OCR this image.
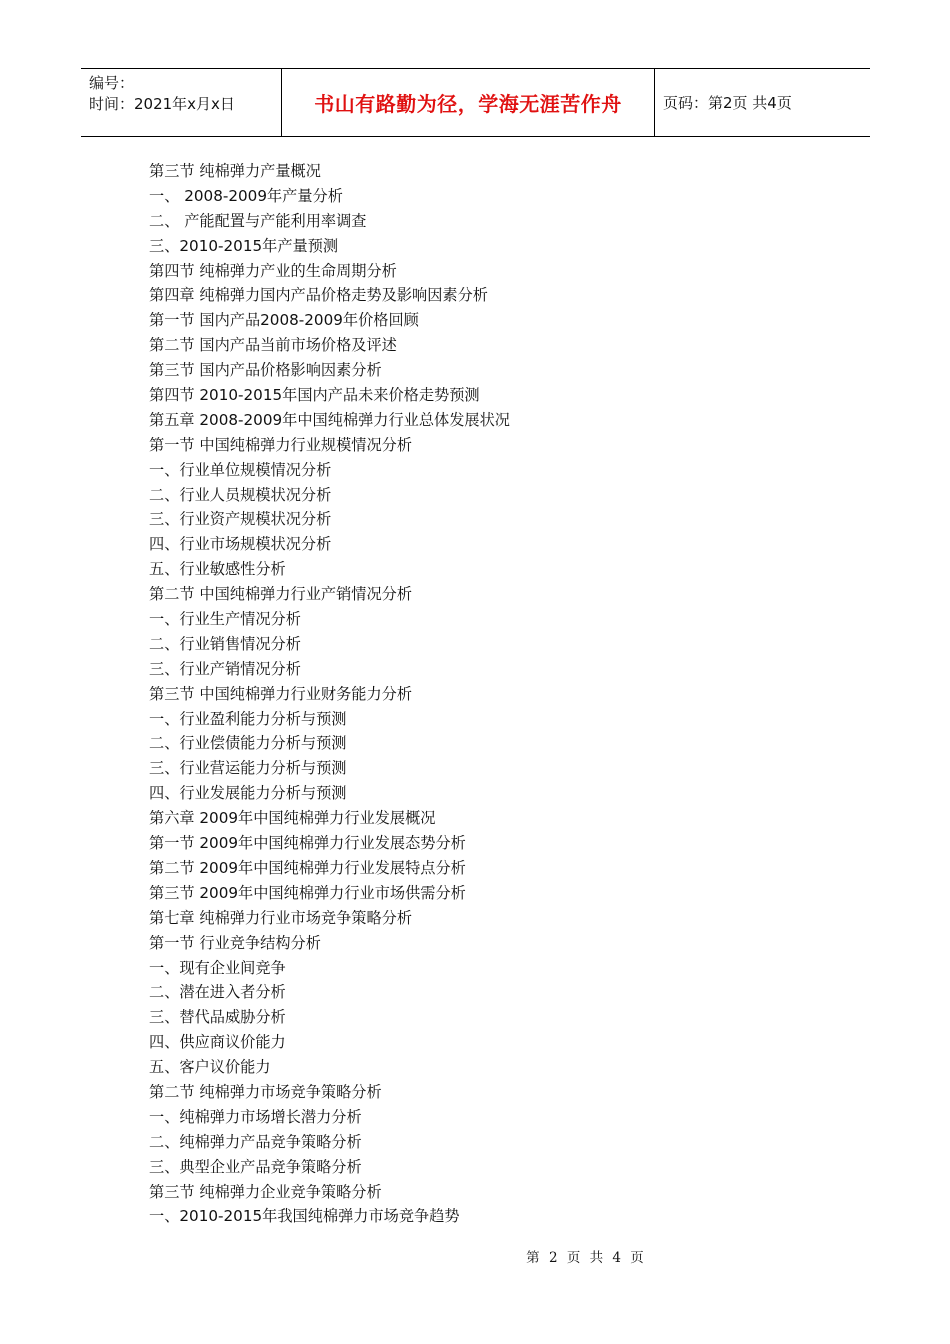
编号：
时间：2021年x月x日	书山有路勤为径，学海无涯苦作舟	页码：第2页 共4页
第三节 纯棉弹力产量概况
一、 2008-2009年产量分析
二、 产能配置与产能利用率调查
三、2010-2015年产量预测
第四节 纯棉弹力产业的生命周期分析
第四章 纯棉弹力国内产品价格走势及影响因素分析
第一节 国内产品2008-2009年价格回顾
第二节 国内产品当前市场价格及评述
第三节 国内产品价格影响因素分析
第四节 2010-2015年国内产品未来价格走势预测
第五章 2008-2009年中国纯棉弹力行业总体发展状况
第一节 中国纯棉弹力行业规模情况分析
一、行业单位规模情况分析
二、行业人员规模状况分析
三、行业资产规模状况分析
四、行业市场规模状况分析
五、行业敏感性分析
第二节 中国纯棉弹力行业产销情况分析
一、行业生产情况分析
二、行业销售情况分析
三、行业产销情况分析
第三节 中国纯棉弹力行业财务能力分析
一、行业盈利能力分析与预测
二、行业偿债能力分析与预测
三、行业营运能力分析与预测
四、行业发展能力分析与预测
第六章 2009年中国纯棉弹力行业发展概况
第一节 2009年中国纯棉弹力行业发展态势分析
第二节 2009年中国纯棉弹力行业发展特点分析
第三节 2009年中国纯棉弹力行业市场供需分析
第七章 纯棉弹力行业市场竞争策略分析
第一节 行业竞争结构分析
一、现有企业间竞争
二、潜在进入者分析
三、替代品威胁分析
四、供应商议价能力
五、客户议价能力
第二节 纯棉弹力市场竞争策略分析
一、纯棉弹力市场增长潜力分析
二、纯棉弹力产品竞争策略分析
三、典型企业产品竞争策略分析
第三节 纯棉弹力企业竞争策略分析
一、2010-2015年我国纯棉弹力市场竞争趋势
第 2 页 共 4 页
